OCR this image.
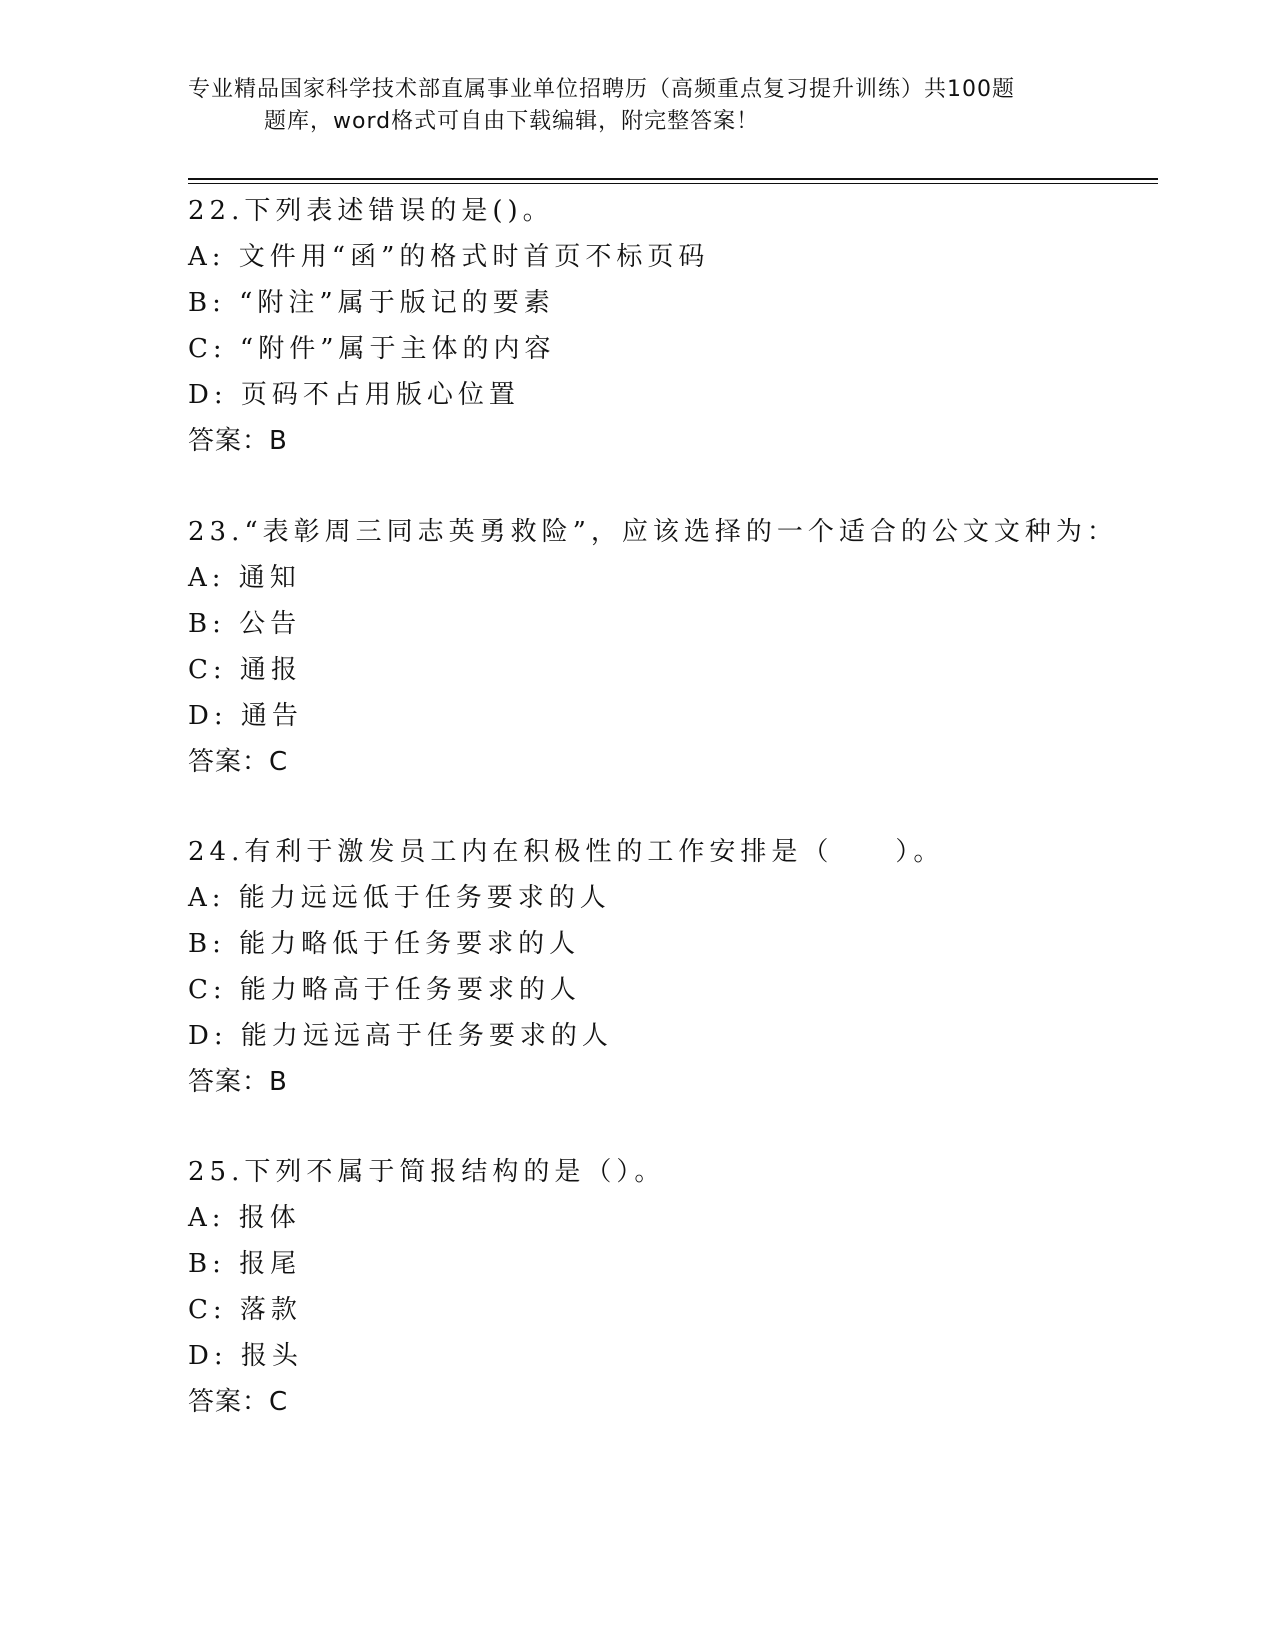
专业精品国家科学技术部直属事业单位招聘历（高频重点复习提升训练）共100题
题库，word格式可自由下载编辑，附完整答案！
22.下列表述错误的是()。
A: 文件用“函”的格式时首页不标页码
B: “附注”属于版记的要素
C: “附件”属于主体的内容
D: 页码不占用版心位置
答案：B
23.“表彰周三同志英勇救险”，应该选择的一个适合的公文文种为：
A: 通知
B: 公告
C: 通报
D: 通告
答案：C
24.有利于激发员工内在积极性的工作安排是（　　）。
A: 能力远远低于任务要求的人
B: 能力略低于任务要求的人
C: 能力略高于任务要求的人
D: 能力远远高于任务要求的人
答案：B
25.下列不属于简报结构的是（）。
A: 报体
B: 报尾
C: 落款
D: 报头
答案：C
